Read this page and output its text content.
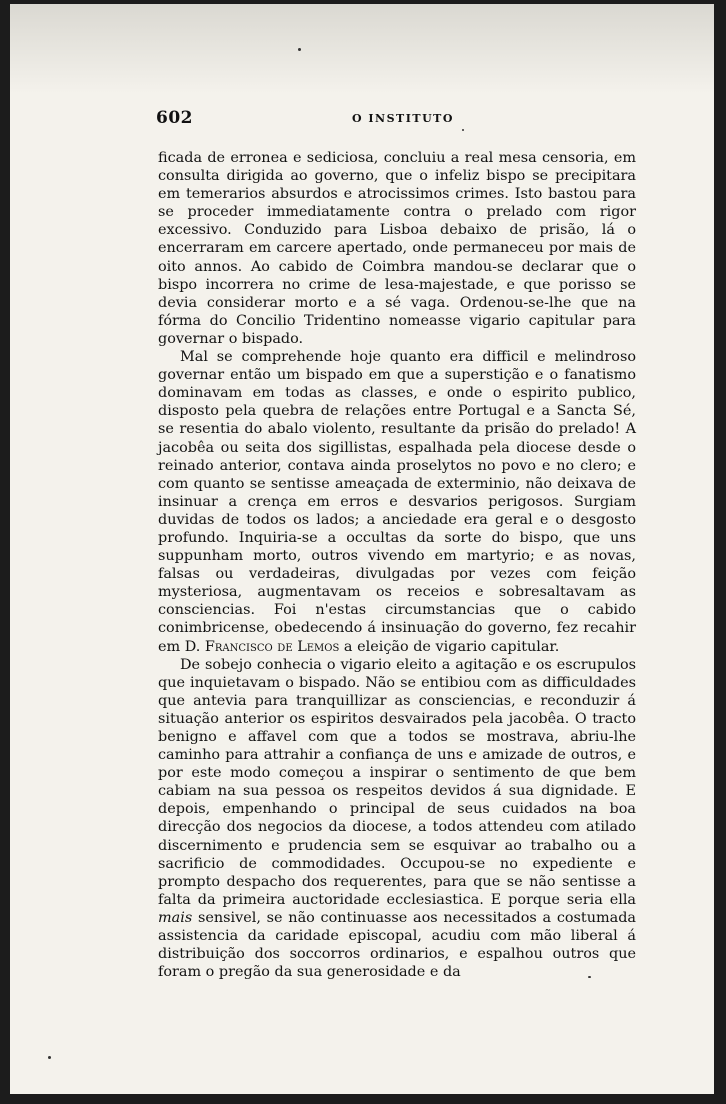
602	O INSTITUTO

ficada de erronea e sediciosa, concluiu a real mesa censoria, em consulta dirigida ao governo, que o infeliz bispo se precipitara em temerarios absurdos e atrocissimos crimes. Isto bastou para se proceder immediatamente contra o prelado com rigor excessivo. Conduzido para Lisboa debaixo de prisão, lá o encerraram em carcere apertado, onde permaneceu por mais de oito annos. Ao cabido de Coimbra mandou-se declarar que o bispo incorrera no crime de lesa-majestade, e que porisso se devia considerar morto e a sé vaga. Ordenou-se-lhe que na fórma do Concilio Tridentino nomeasse vigario capitular para governar o bispado.

Mal se comprehende hoje quanto era difficil e melindroso governar então um bispado em que a superstição e o fanatismo dominavam em todas as classes, e onde o espirito publico, disposto pela quebra de relações entre Portugal e a Sancta Sé, se resentia do abalo violento, resultante da prisão do prelado! A jacobêa ou seita dos sigillistas, espalhada pela diocese desde o reinado anterior, contava ainda proselytos no povo e no clero; e com quanto se sentisse ameaçada de exterminio, não deixava de insinuar a crença em erros e desvarios perigosos. Surgiam duvidas de todos os lados; a anciedade era geral e o desgosto profundo. Inquiria-se a occultas da sorte do bispo, que uns suppunham morto, outros vivendo em martyrio; e as novas, falsas ou verdadeiras, divulgadas por vezes com feição mysteriosa, augmentavam os receios e sobresaltavam as consciencias. Foi n'estas circumstancias que o cabido conimbricense, obedecendo á insinuação do governo, fez recahir em D. Francisco de Lemos a eleição de vigario capitular.

De sobejo conhecia o vigario eleito a agitação e os escrupulos que inquietavam o bispado. Não se entibiou com as difficuldades que antevia para tranquillizar as consciencias, e reconduzir á situação anterior os espiritos desvairados pela jacobêa. O tracto benigno e affavel com que a todos se mostrava, abriu-lhe caminho para attrahir a confiança de uns e amizade de outros, e por este modo começou a inspirar o sentimento de que bem cabiam na sua pessoa os respeitos devidos á sua dignidade. E depois, empenhando o principal de seus cuidados na boa direcção dos negocios da diocese, a todos attendeu com atilado discernimento e prudencia sem se esquivar ao trabalho ou a sacrificio de commodidades. Occupou-se no expediente e prompto despacho dos requerentes, para que se não sentisse a falta da primeira auctoridade ecclesiastica. E porque seria ella mais sensivel, se não continuasse aos necessitados a costumada assistencia da caridade episcopal, acudiu com mão liberal á distribuição dos soccorros ordinarios, e espalhou outros que foram o pregão da sua generosidade e da
